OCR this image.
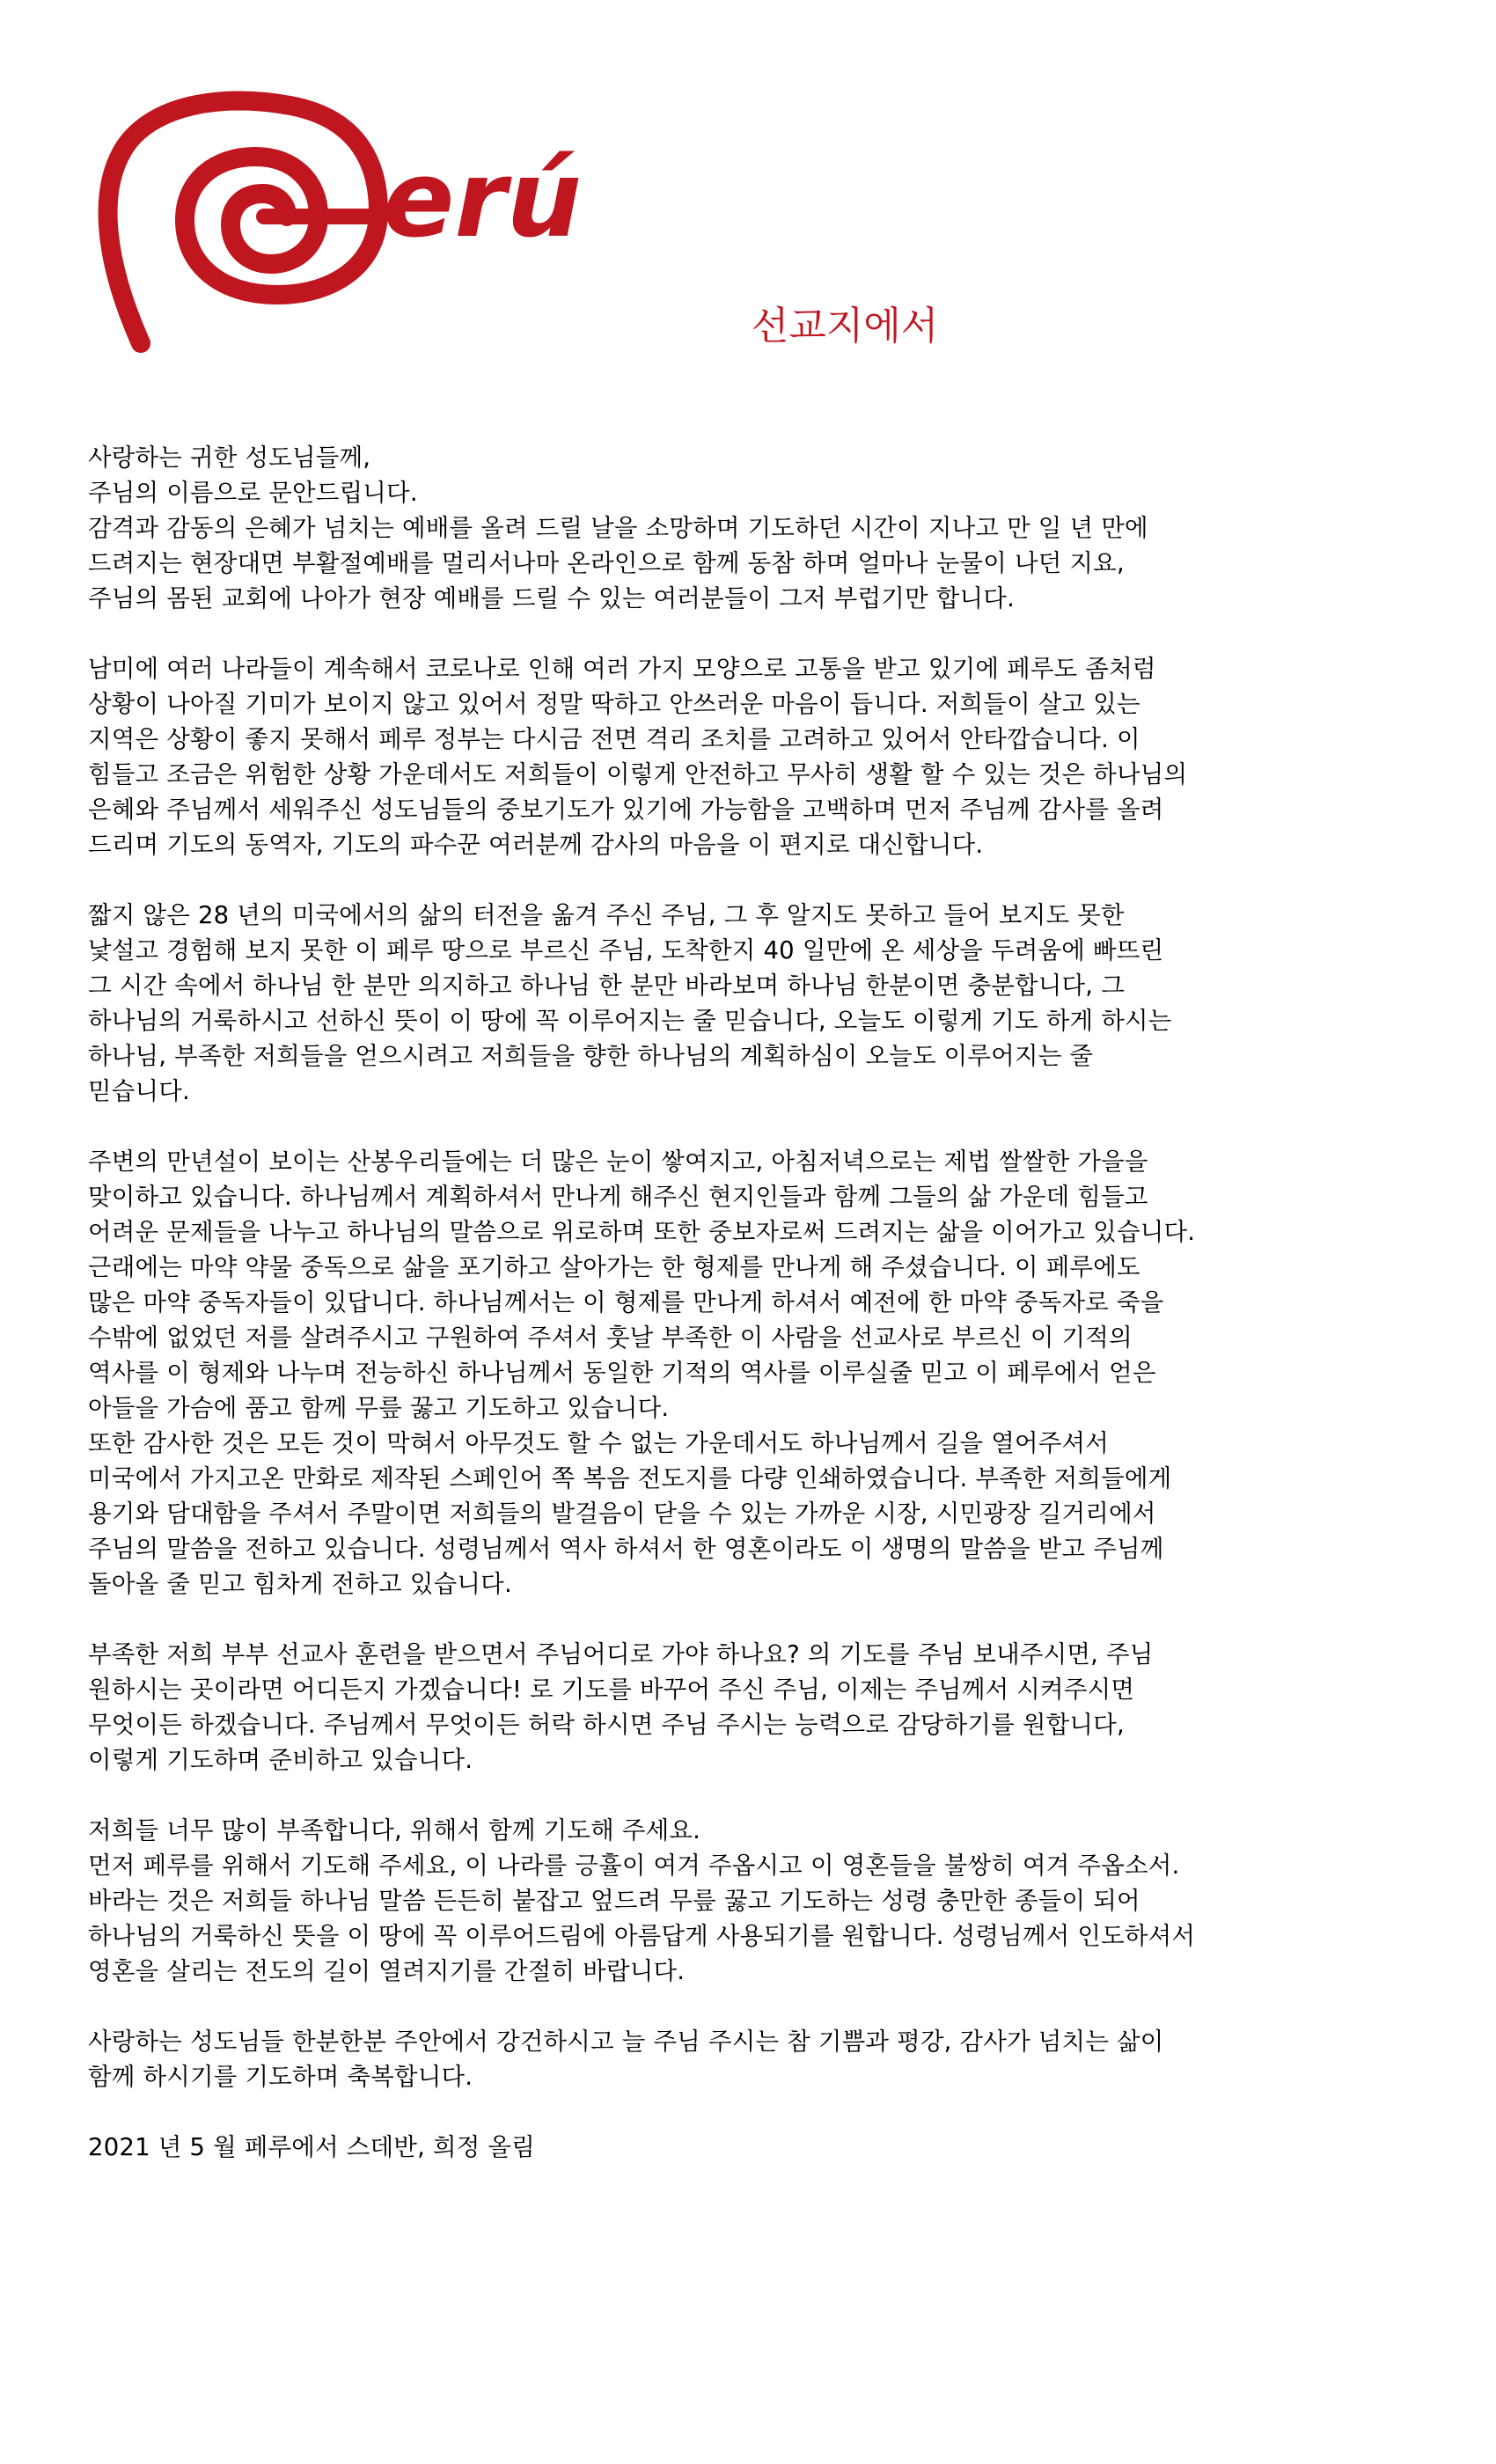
erú
선교지에서

사랑하는 귀한 성도님들께,
주님의 이름으로 문안드립니다.
감격과 감동의 은혜가 넘치는 예배를 올려 드릴 날을 소망하며 기도하던 시간이 지나고 만 일 년 만에
드려지는 현장대면 부활절예배를 멀리서나마 온라인으로 함께 동참 하며 얼마나 눈물이 나던 지요,
주님의 몸된 교회에 나아가 현장 예배를 드릴 수 있는 여러분들이 그저 부럽기만 합니다.

남미에 여러 나라들이 계속해서 코로나로 인해 여러 가지 모양으로 고통을 받고 있기에 페루도 좀처럼
상황이 나아질 기미가 보이지 않고 있어서 정말 딱하고 안쓰러운 마음이 듭니다. 저희들이 살고 있는
지역은 상황이 좋지 못해서 페루 정부는 다시금 전면 격리 조치를 고려하고 있어서 안타깝습니다. 이
힘들고 조금은 위험한 상황 가운데서도 저희들이 이렇게 안전하고 무사히 생활 할 수 있는 것은 하나님의
은혜와 주님께서 세워주신 성도님들의 중보기도가 있기에 가능함을 고백하며 먼저 주님께 감사를 올려
드리며 기도의 동역자, 기도의 파수꾼 여러분께 감사의 마음을 이 편지로 대신합니다.

짧지 않은 28 년의 미국에서의 삶의 터전을 옮겨 주신 주님, 그 후 알지도 못하고 들어 보지도 못한
낯설고 경험해 보지 못한 이 페루 땅으로 부르신 주님, 도착한지 40 일만에 온 세상을 두려움에 빠뜨린
그 시간 속에서 하나님 한 분만 의지하고 하나님 한 분만 바라보며 하나님 한분이면 충분합니다, 그
하나님의 거룩하시고 선하신 뜻이 이 땅에 꼭 이루어지는 줄 믿습니다, 오늘도 이렇게 기도 하게 하시는
하나님, 부족한 저희들을 얻으시려고 저희들을 향한 하나님의 계획하심이 오늘도 이루어지는 줄
믿습니다.

주변의 만년설이 보이는 산봉우리들에는 더 많은 눈이 쌓여지고, 아침저녁으로는 제법 쌀쌀한 가을을
맞이하고 있습니다. 하나님께서 계획하셔서 만나게 해주신 현지인들과 함께 그들의 삶 가운데 힘들고
어려운 문제들을 나누고 하나님의 말씀으로 위로하며 또한 중보자로써 드려지는 삶을 이어가고 있습니다.
근래에는 마약 약물 중독으로 삶을 포기하고 살아가는 한 형제를 만나게 해 주셨습니다. 이 페루에도
많은 마약 중독자들이 있답니다. 하나님께서는 이 형제를 만나게 하셔서 예전에 한 마약 중독자로 죽을
수밖에 없었던 저를 살려주시고 구원하여 주셔서 훗날 부족한 이 사람을 선교사로 부르신 이 기적의
역사를 이 형제와 나누며 전능하신 하나님께서 동일한 기적의 역사를 이루실줄 믿고 이 페루에서 얻은
아들을 가슴에 품고 함께 무릎 꿇고 기도하고 있습니다.

또한 감사한 것은 모든 것이 막혀서 아무것도 할 수 없는 가운데서도 하나님께서 길을 열어주셔서
미국에서 가지고온 만화로 제작된 스페인어 쪽 복음 전도지를 다량 인쇄하였습니다. 부족한 저희들에게
용기와 담대함을 주셔서 주말이면 저희들의 발걸음이 닫을 수 있는 가까운 시장, 시민광장 길거리에서
주님의 말씀을 전하고 있습니다. 성령님께서 역사 하셔서 한 영혼이라도 이 생명의 말씀을 받고 주님께
돌아올 줄 믿고 힘차게 전하고 있습니다.

부족한 저희 부부 선교사 훈련을 받으면서 주님어디로 가야 하나요? 의 기도를 주님 보내주시면, 주님
원하시는 곳이라면 어디든지 가겠습니다! 로 기도를 바꾸어 주신 주님, 이제는 주님께서 시켜주시면
무엇이든 하겠습니다. 주님께서 무엇이든 허락 하시면 주님 주시는 능력으로 감당하기를 원합니다,
이렇게 기도하며 준비하고 있습니다.

저희들 너무 많이 부족합니다, 위해서 함께 기도해 주세요.
먼저 페루를 위해서 기도해 주세요, 이 나라를 긍휼이 여겨 주옵시고 이 영혼들을 불쌍히 여겨 주옵소서.
바라는 것은 저희들 하나님 말씀 든든히 붙잡고 엎드려 무릎 꿇고 기도하는 성령 충만한 종들이 되어
하나님의 거룩하신 뜻을 이 땅에 꼭 이루어드림에 아름답게 사용되기를 원합니다. 성령님께서 인도하셔서
영혼을 살리는 전도의 길이 열려지기를 간절히 바랍니다.

사랑하는 성도님들 한분한분 주안에서 강건하시고 늘 주님 주시는 참 기쁨과 평강, 감사가 넘치는 삶이
함께 하시기를 기도하며 축복합니다.

2021 년 5 월 페루에서 스데반, 희정 올림
